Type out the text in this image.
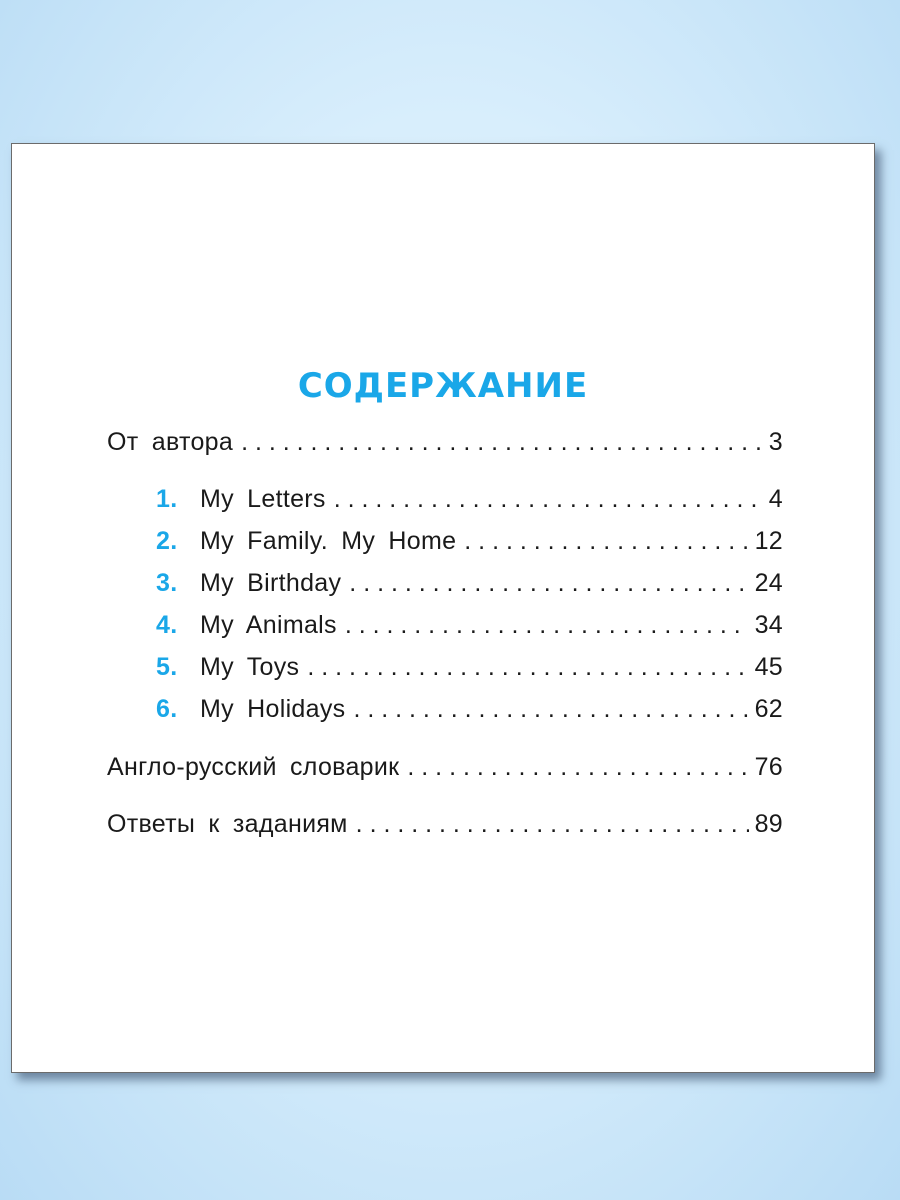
СОДЕРЖАНИЕ
От автора . . .	3
1. My Letters . . .	4
2. My Family. My Home . . .	12
3. My Birthday . . .	24
4. My Animals . . .	34
5. My Toys . . .	45
6. My Holidays . . .	62
Англо-русский словарик . . .	76
Ответы к заданиям . . .	89
